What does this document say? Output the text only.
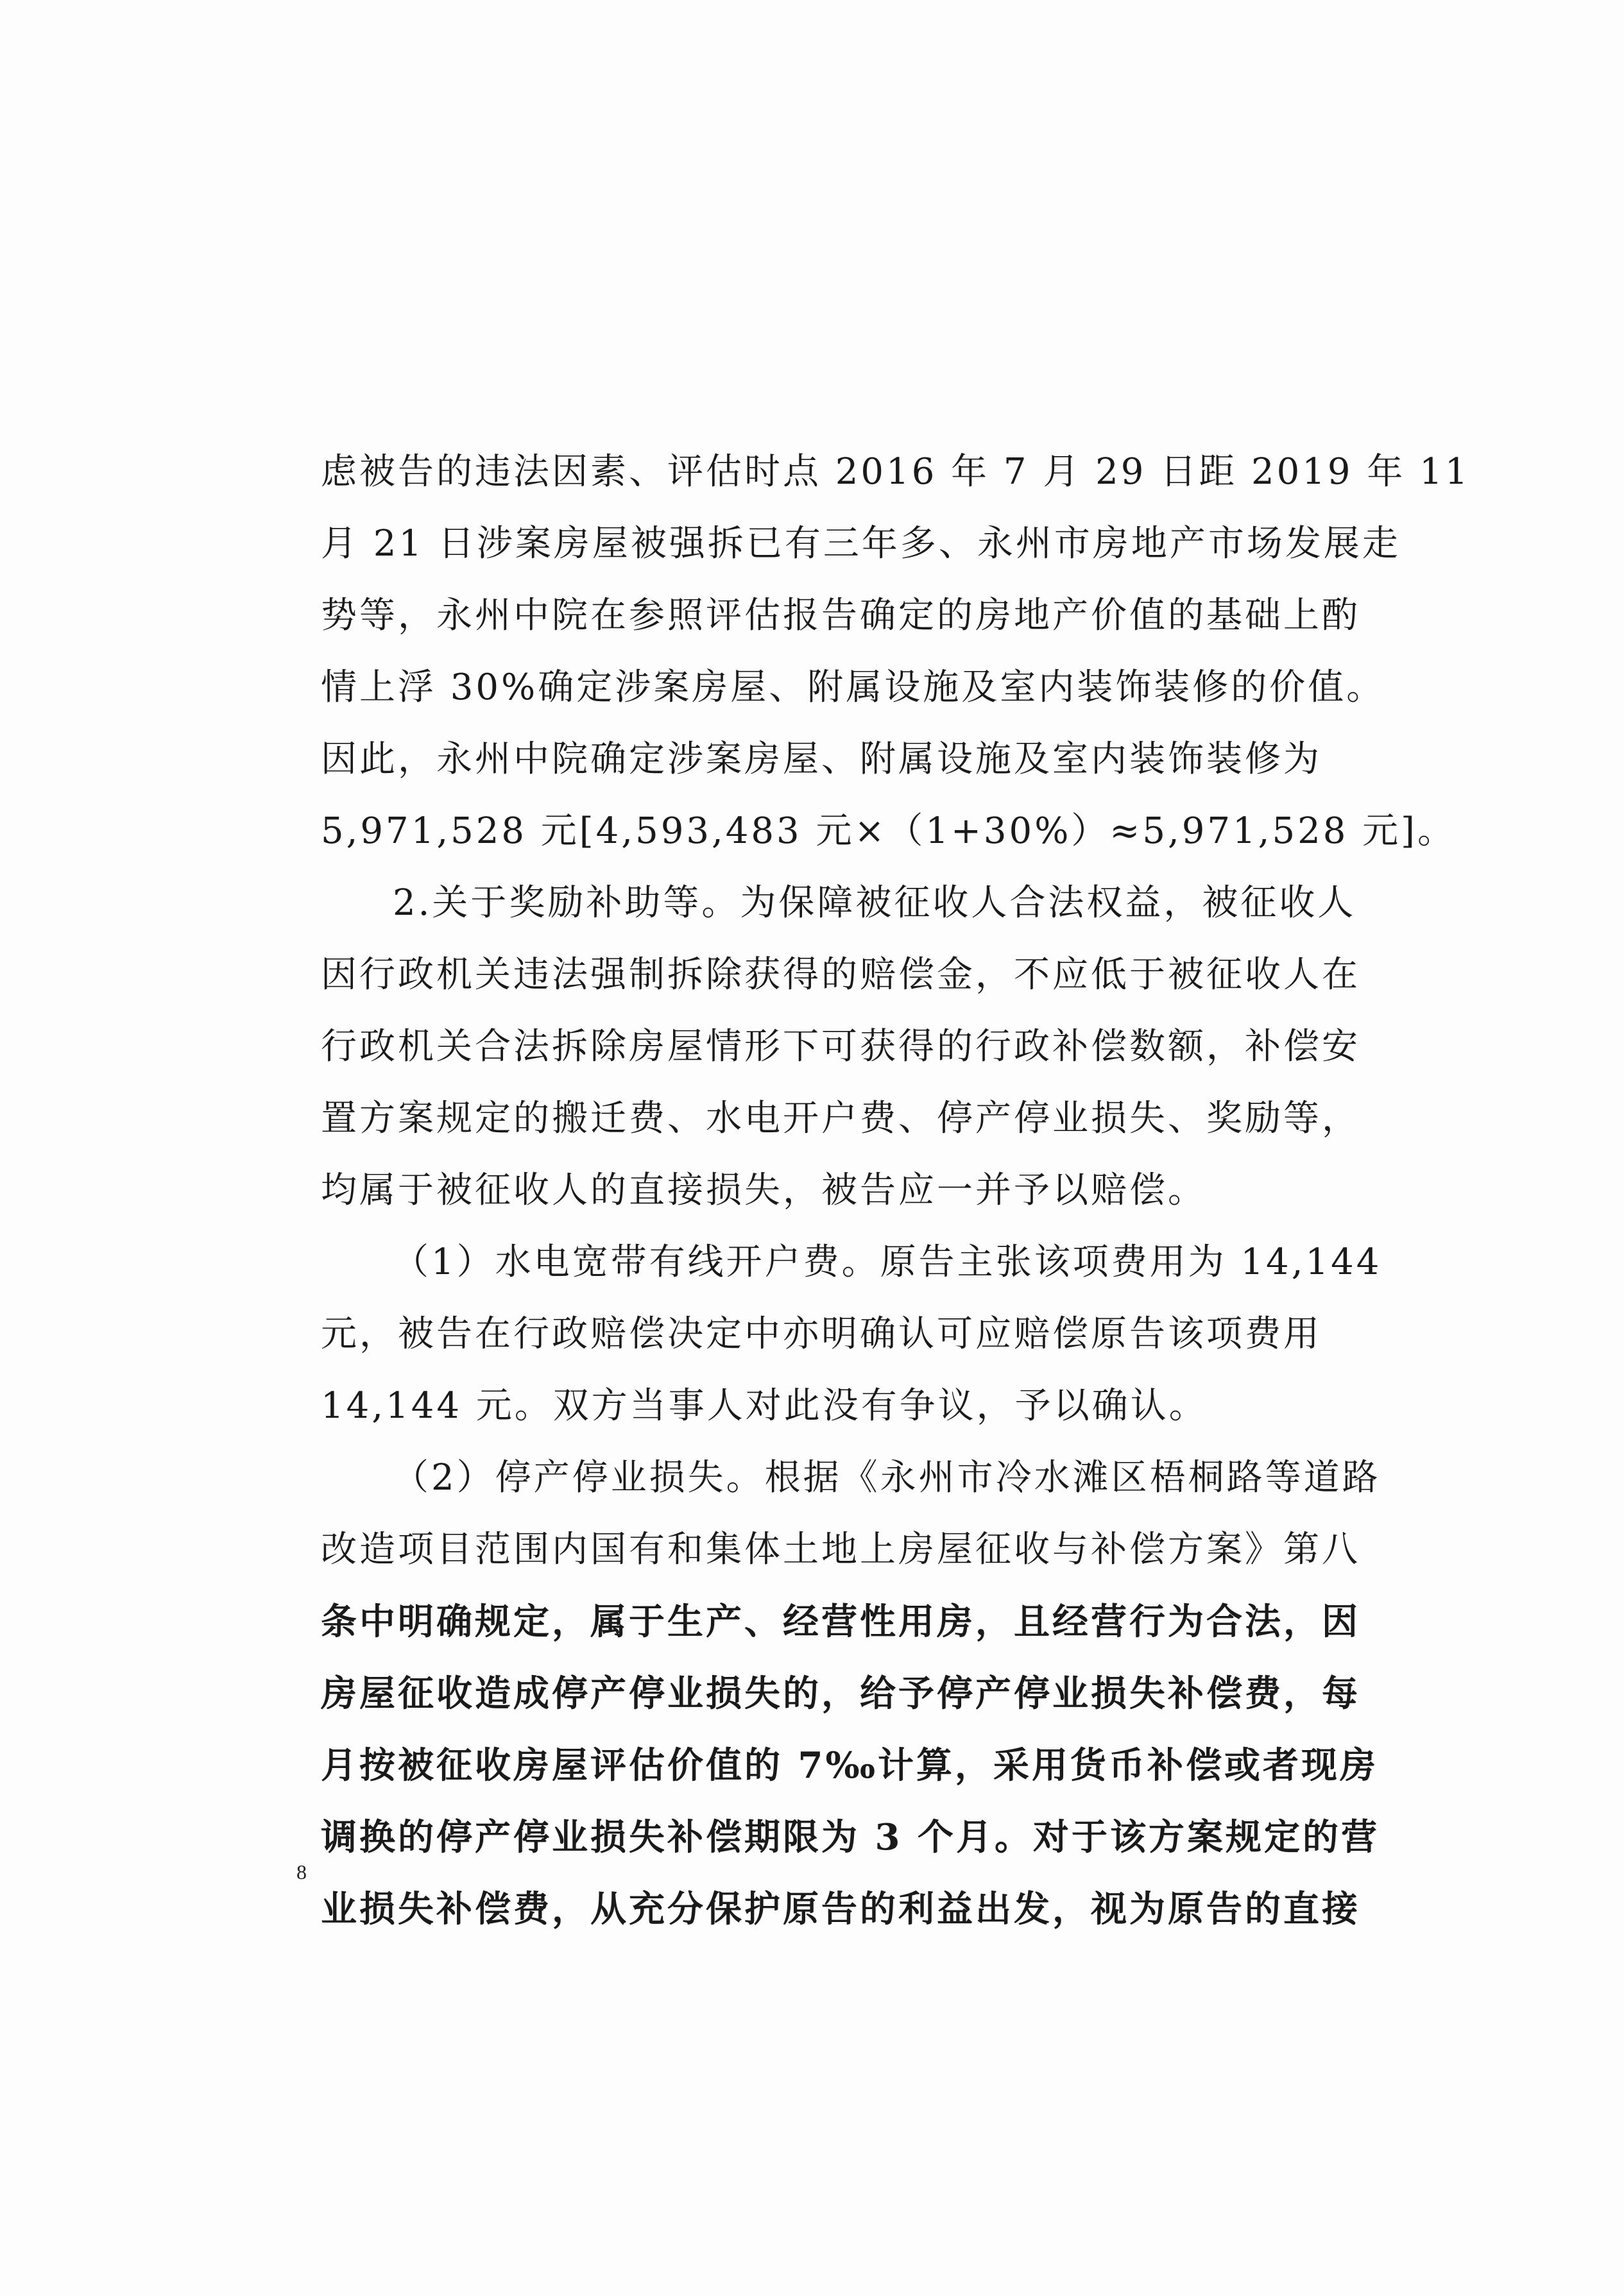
虑被告的违法因素、评估时点 2016 年 7 月 29 日距 2019 年 11
月 21 日涉案房屋被强拆已有三年多、永州市房地产市场发展走
势等，永州中院在参照评估报告确定的房地产价值的基础上酌
情上浮 30%确定涉案房屋、附属设施及室内装饰装修的价值。
因此，永州中院确定涉案房屋、附属设施及室内装饰装修为
5,971,528 元[4,593,483 元×（1+30%）≈5,971,528 元]。
2.关于奖励补助等。为保障被征收人合法权益，被征收人
因行政机关违法强制拆除获得的赔偿金，不应低于被征收人在
行政机关合法拆除房屋情形下可获得的行政补偿数额，补偿安
置方案规定的搬迁费、水电开户费、停产停业损失、奖励等，
均属于被征收人的直接损失，被告应一并予以赔偿。
（1）水电宽带有线开户费。原告主张该项费用为 14,144
元，被告在行政赔偿决定中亦明确认可应赔偿原告该项费用
14,144 元。双方当事人对此没有争议，予以确认。
（2）停产停业损失。根据《永州市冷水滩区梧桐路等道路
改造项目范围内国有和集体土地上房屋征收与补偿方案》第八
条中明确规定，属于生产、经营性用房，且经营行为合法，因
房屋征收造成停产停业损失的，给予停产停业损失补偿费，每
月按被征收房屋评估价值的 7‰计算，采用货币补偿或者现房
调换的停产停业损失补偿期限为 3 个月。对于该方案规定的营
业损失补偿费，从充分保护原告的利益出发，视为原告的直接
8
